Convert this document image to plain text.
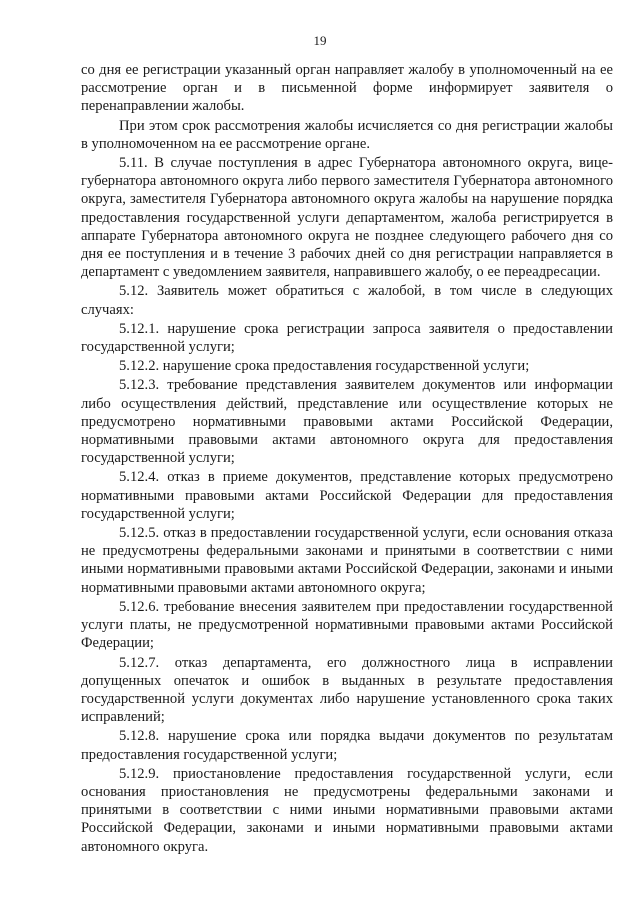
19

со дня ее регистрации указанный орган направляет жалобу в уполномоченный на ее рассмотрение орган и в письменной форме информирует заявителя о перенаправлении жалобы.

При этом срок рассмотрения жалобы исчисляется со дня регистрации жалобы в уполномоченном на ее рассмотрение органе.

5.11. В случае поступления в адрес Губернатора автономного округа, вице-губернатора автономного округа либо первого заместителя Губернатора автономного округа, заместителя Губернатора автономного округа жалобы на нарушение порядка предоставления государственной услуги департаментом, жалоба регистрируется в аппарате Губернатора автономного округа не позднее следующего рабочего дня со дня ее поступления и в течение 3 рабочих дней со дня регистрации направляется в департамент с уведомлением заявителя, направившего жалобу, о ее переадресации.

5.12. Заявитель может обратиться с жалобой, в том числе в следующих случаях:

5.12.1. нарушение срока регистрации запроса заявителя о предоставлении государственной услуги;

5.12.2. нарушение срока предоставления государственной услуги;

5.12.3. требование представления заявителем документов или информации либо осуществления действий, представление или осуществление которых не предусмотрено нормативными правовыми актами Российской Федерации, нормативными правовыми актами автономного округа для предоставления государственной услуги;

5.12.4. отказ в приеме документов, представление которых предусмотрено нормативными правовыми актами Российской Федерации для предоставления государственной услуги;

5.12.5. отказ в предоставлении государственной услуги, если основания отказа не предусмотрены федеральными законами и принятыми в соответствии с ними иными нормативными правовыми актами Российской Федерации, законами и иными нормативными правовыми актами автономного округа;

5.12.6. требование внесения заявителем при предоставлении государственной услуги платы, не предусмотренной нормативными правовыми актами Российской Федерации;

5.12.7. отказ департамента, его должностного лица в исправлении допущенных опечаток и ошибок в выданных в результате предоставления государственной услуги документах либо нарушение установленного срока таких исправлений;

5.12.8. нарушение срока или порядка выдачи документов по результатам предоставления государственной услуги;

5.12.9. приостановление предоставления государственной услуги, если основания приостановления не предусмотрены федеральными законами и принятыми в соответствии с ними иными нормативными правовыми актами Российской Федерации, законами и иными нормативными правовыми актами автономного округа.
